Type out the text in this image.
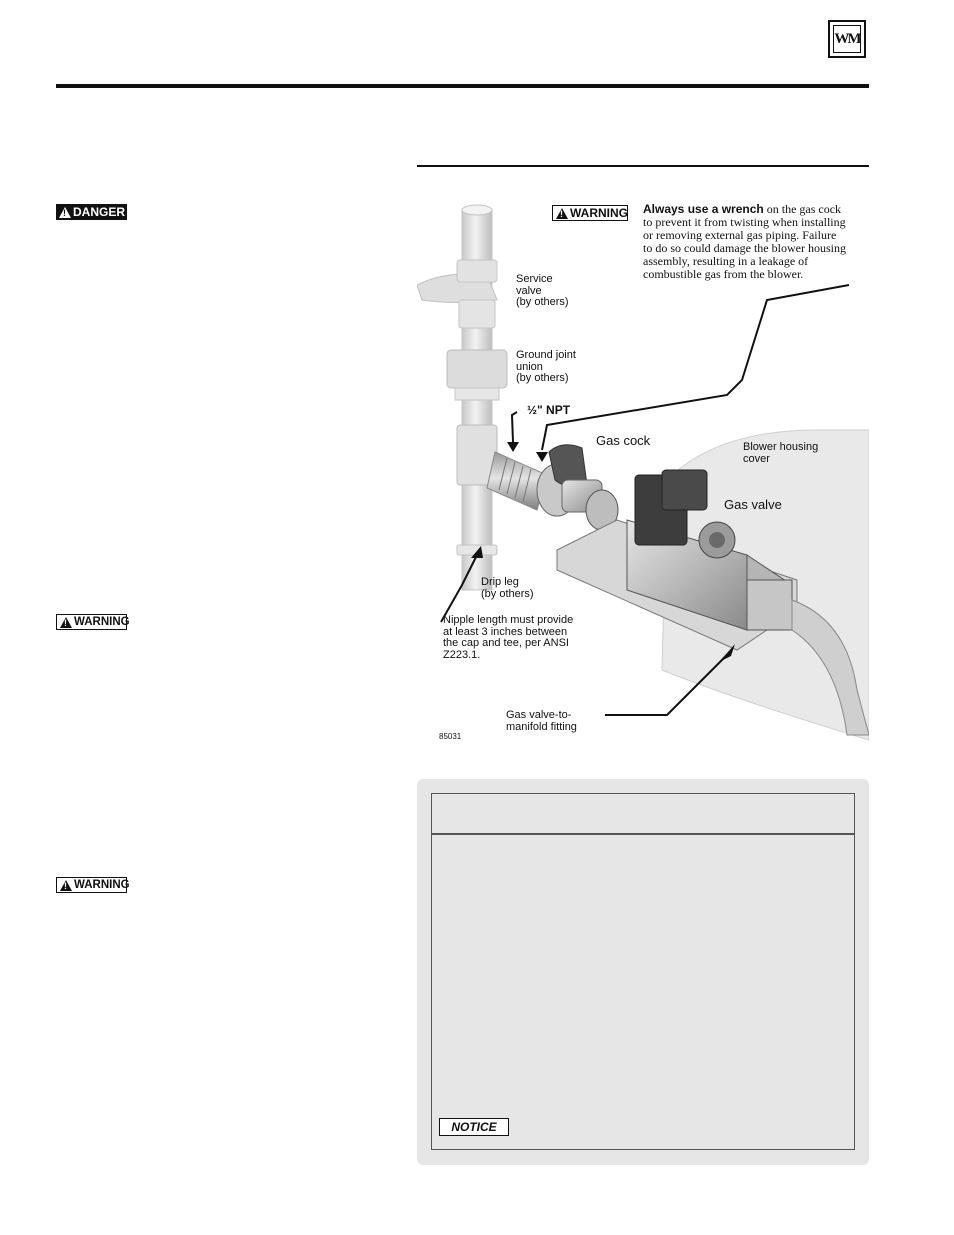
WM
!
DANGER
!
WARNING
!
WARNING
!
WARNING Always use a wrench on the gas cock
to prevent it from twisting when installing
or removing external gas piping. Failure
to do so could damage the blower housing
assembly, resulting in a leakage of
combustible gas from the blower.
Service
valve
(by others)
Ground joint
union
(by others)
½" NPT
Gas cock	Blower housing
cover
Gas valve
Drip leg
(by others)
Nipple length must provide
at least 3 inches between
the cap and tee, per ANSI
Z223.1.
Gas valve-to-
manifold fitting
85031
NOTICE
